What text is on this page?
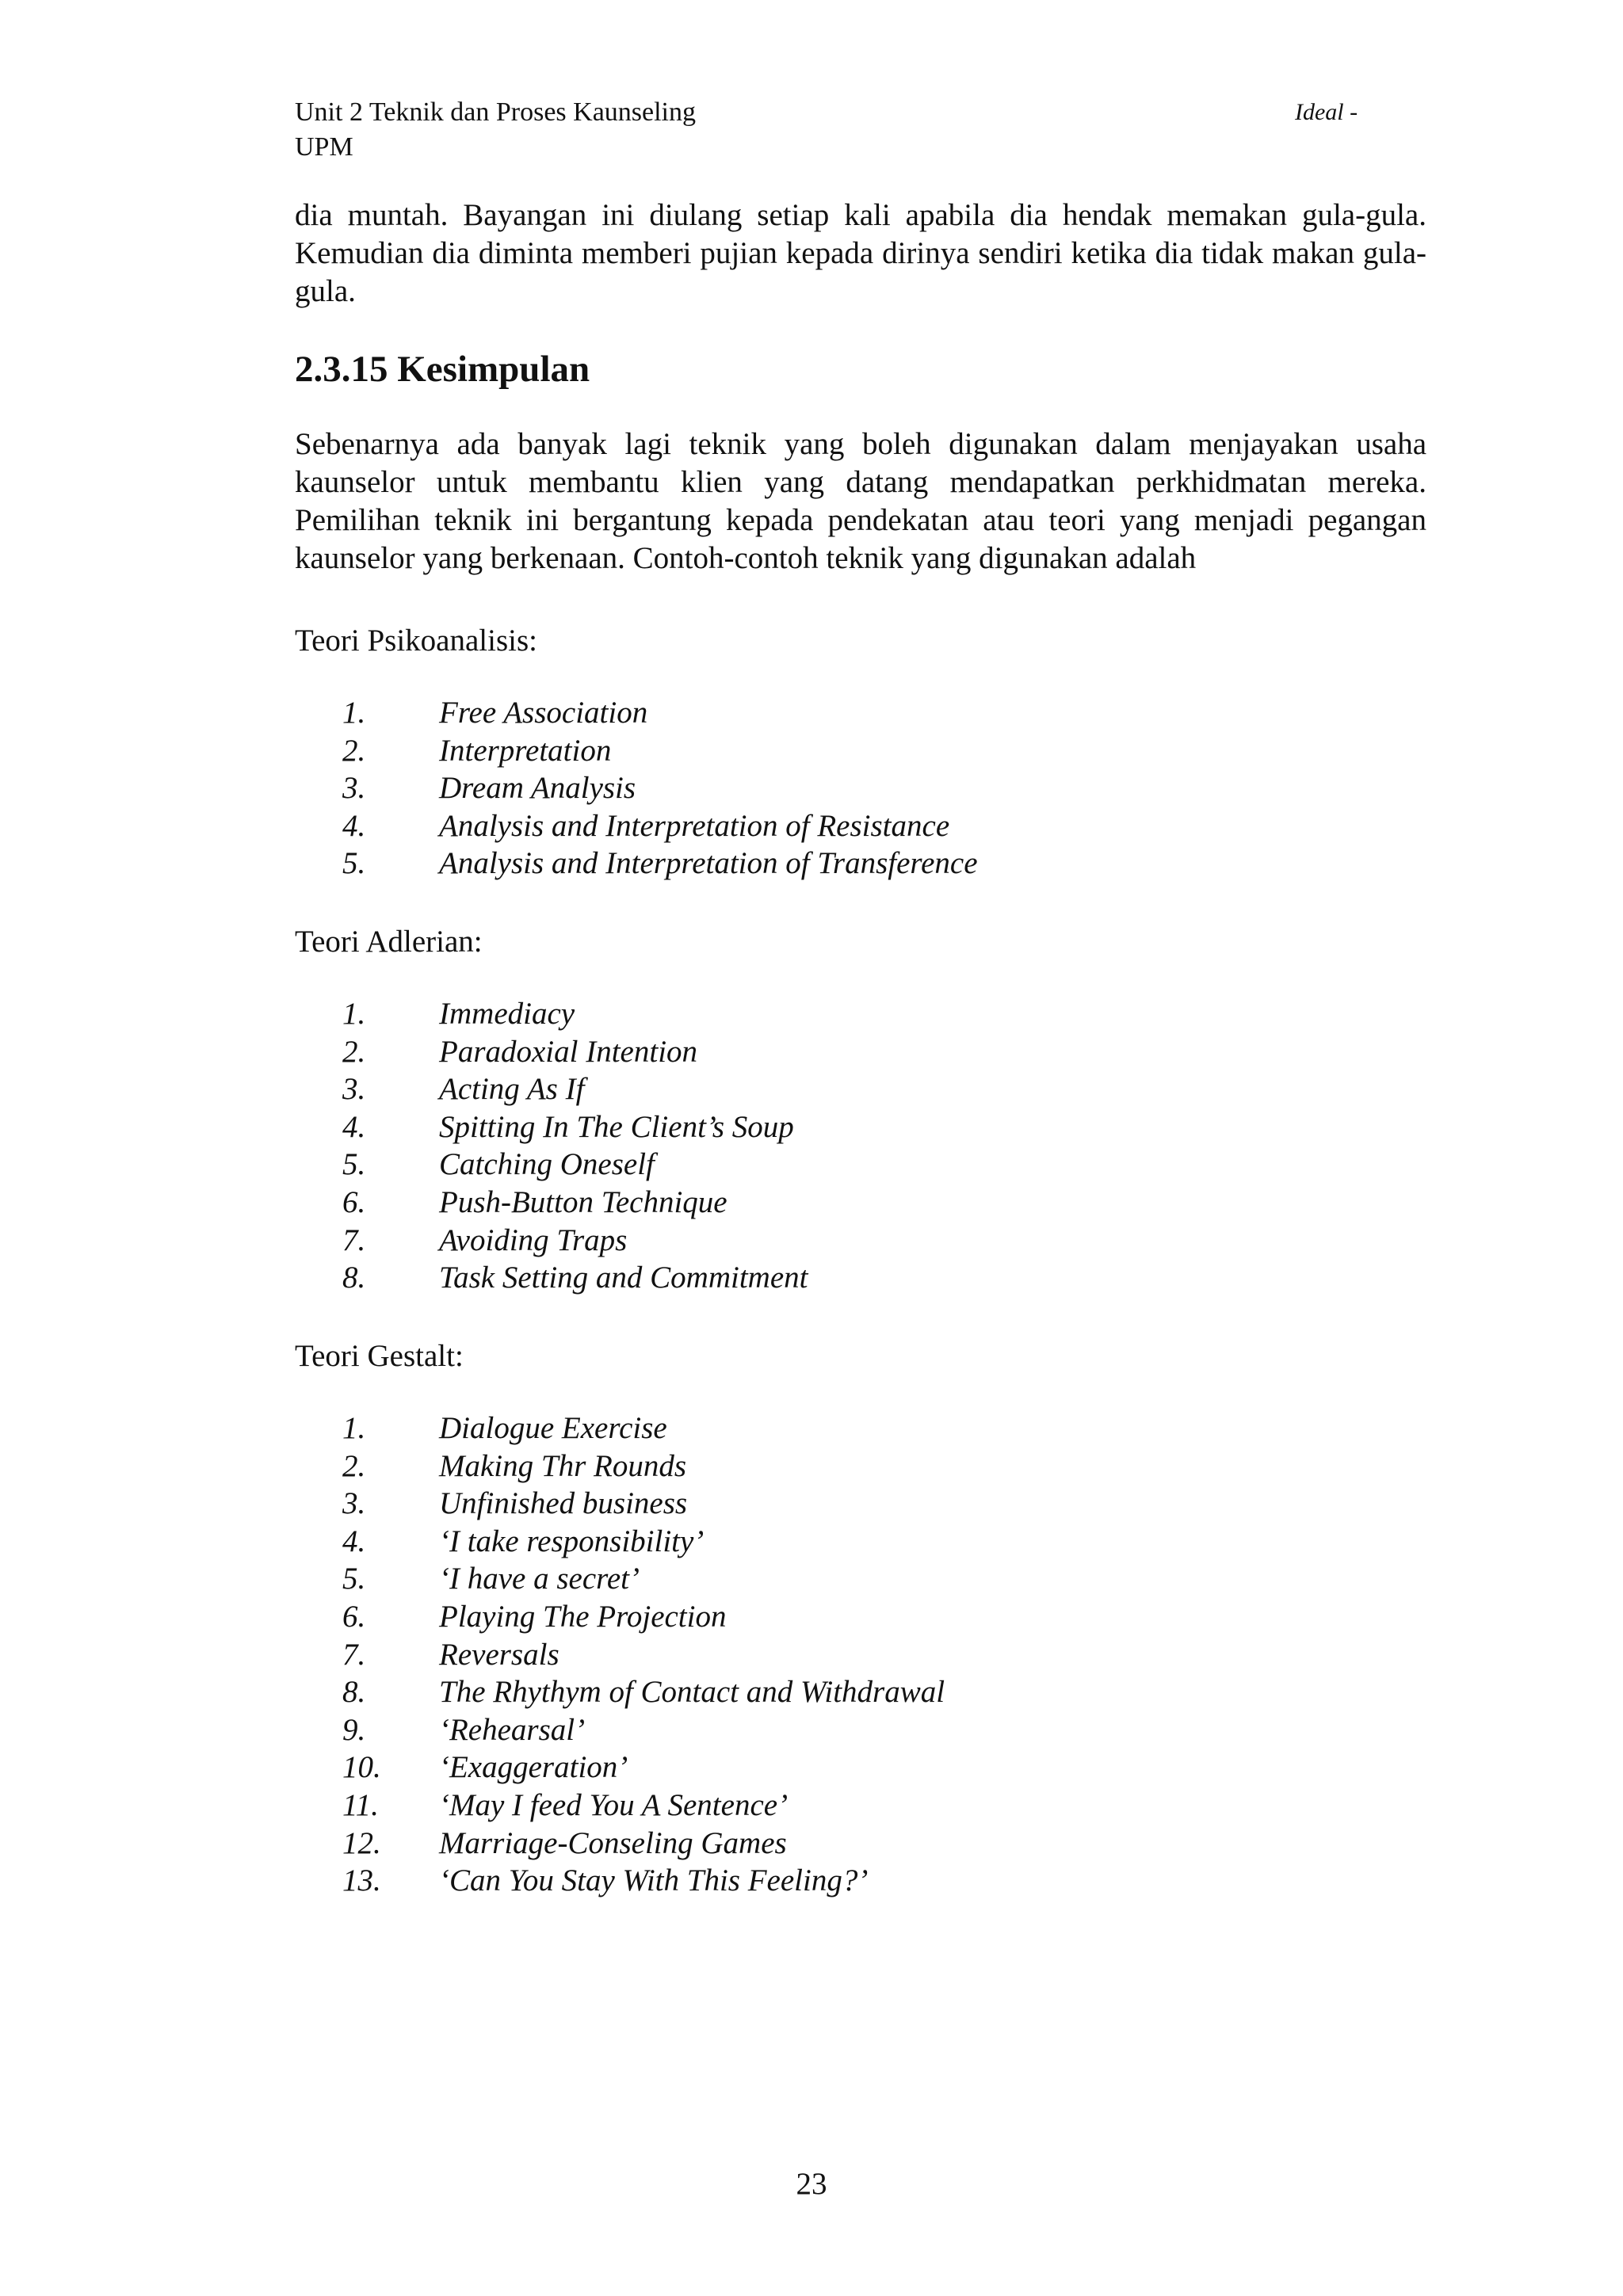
Unit 2 Teknik dan Proses Kaunseling	Ideal -
UPM

dia muntah. Bayangan ini diulang setiap kali apabila dia hendak memakan gula-gula. Kemudian dia diminta memberi pujian kepada dirinya sendiri ketika dia tidak makan gula-gula.

2.3.15 Kesimpulan

Sebenarnya ada banyak lagi teknik yang boleh digunakan dalam menjayakan usaha kaunselor untuk membantu klien yang datang mendapatkan perkhidmatan mereka. Pemilihan teknik ini bergantung kepada pendekatan atau teori yang menjadi pegangan kaunselor yang berkenaan. Contoh-contoh teknik yang digunakan adalah

Teori Psikoanalisis:
1. Free Association
2. Interpretation
3. Dream Analysis
4. Analysis and Interpretation of Resistance
5. Analysis and Interpretation of Transference
Teori Adlerian:
1. Immediacy
2. Paradoxial Intention
3. Acting As If
4. Spitting In The Client’s Soup
5. Catching Oneself
6. Push-Button Technique
7. Avoiding Traps
8. Task Setting and Commitment
Teori Gestalt:
1. Dialogue Exercise
2. Making Thr Rounds
3. Unfinished business
4. ‘I take responsibility’
5. ‘I have a secret’
6. Playing The Projection
7. Reversals
8. The Rhythym of Contact and Withdrawal
9. ‘Rehearsal’
10. ‘Exaggeration’
11. ‘May I feed You A Sentence’
12. Marriage-Conseling Games
13. ‘Can You Stay With This Feeling?’
23
